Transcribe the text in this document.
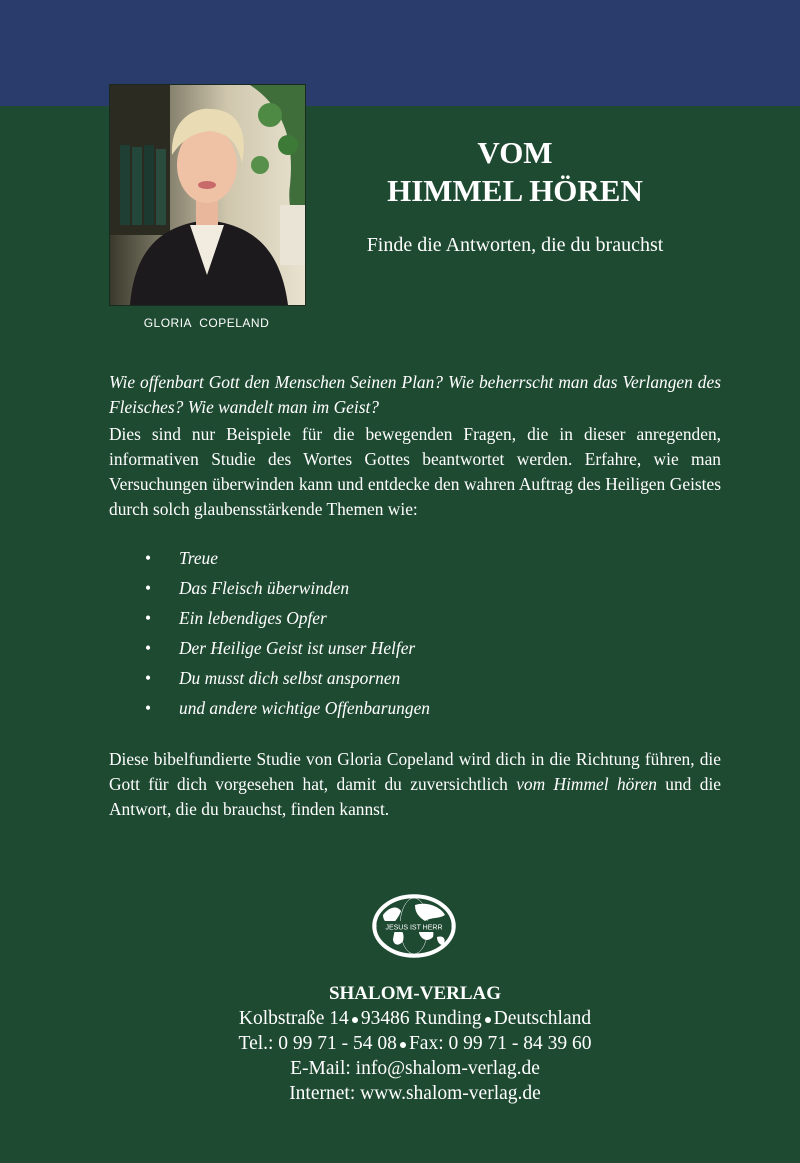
GLORIA COPELAND
VOM
HIMMEL HÖREN
Finde die Antworten, die du brauchst
Wie offenbart Gott den Menschen Seinen Plan? Wie beherrscht man das Verlangen des Fleisches? Wie wandelt man im Geist?
Dies sind nur Beispiele für die bewegenden Fragen, die in dieser anregenden, informativen Studie des Wortes Gottes beantwortet werden. Erfahre, wie man Versuchungen überwinden kann und entdecke den wahren Auftrag des Heiligen Geistes durch solch glaubensstärkende Themen wie:
• Treue
• Das Fleisch überwinden
• Ein lebendiges Opfer
• Der Heilige Geist ist unser Helfer
• Du musst dich selbst anspornen
• und andere wichtige Offenbarungen
Diese bibelfundierte Studie von Gloria Copeland wird dich in die Richtung führen, die Gott für dich vorgesehen hat, damit du zuversichtlich vom Himmel hören und die Antwort, die du brauchst, finden kannst.
JESUS IST HERR
SHALOM-VERLAG
Kolbstraße 14 93486 Runding Deutschland
Tel.: 0 99 71 - 54 08 Fax: 0 99 71 - 84 39 60
E-Mail: info@shalom-verlag.de
Internet: www.shalom-verlag.de
